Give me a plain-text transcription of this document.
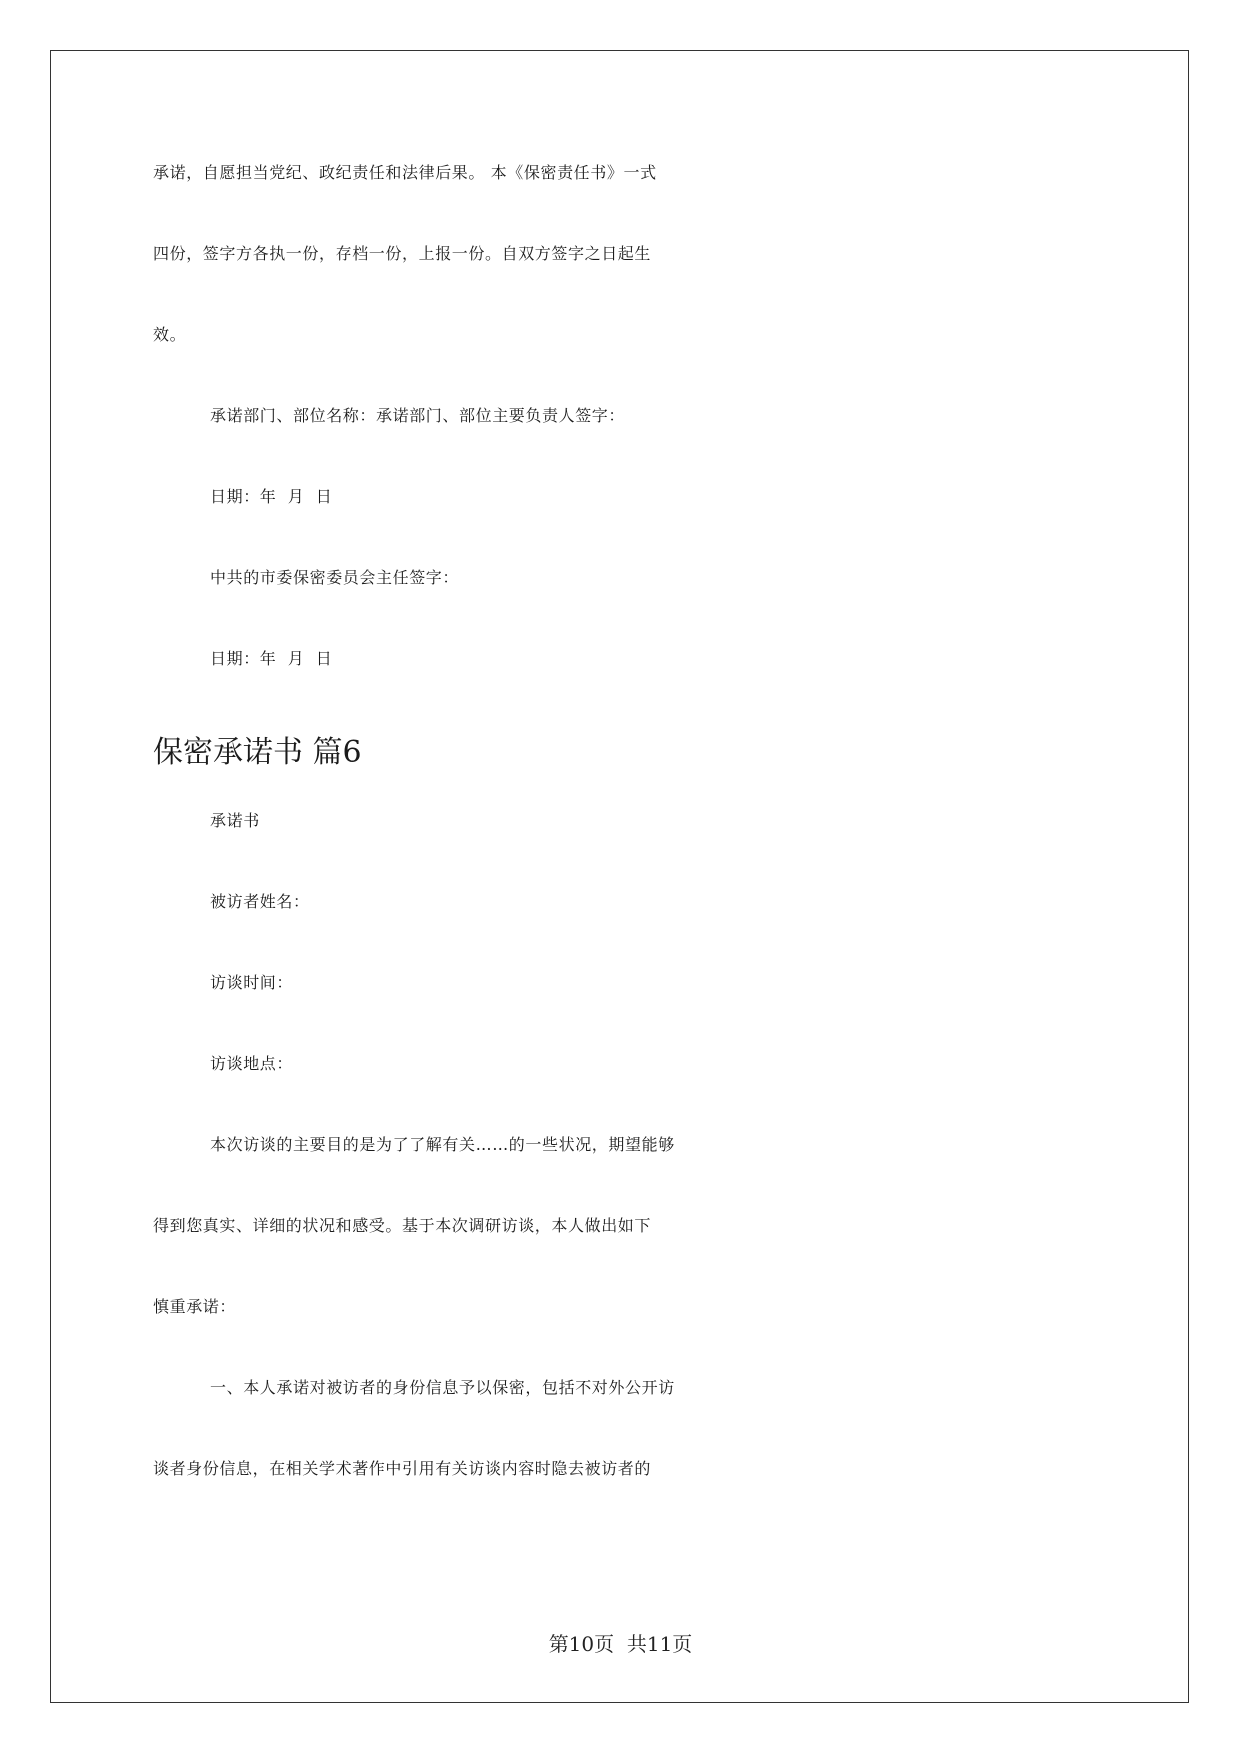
承诺，自愿担当党纪、政纪责任和法律后果。 本《保密责任书》一式
四份，签字方各执一份，存档一份，上报一份。自双方签字之日起生
效。
承诺部门、部位名称：承诺部门、部位主要负责人签字：
日期：年  月  日
中共的市委保密委员会主任签字：
日期：年  月  日
保密承诺书 篇6
承诺书
被访者姓名：
访谈时间：
访谈地点：
本次访谈的主要目的是为了了解有关……的一些状况，期望能够
得到您真实、详细的状况和感受。基于本次调研访谈，本人做出如下
慎重承诺：
一、本人承诺对被访者的身份信息予以保密，包括不对外公开访
谈者身份信息，在相关学术著作中引用有关访谈内容时隐去被访者的
第10页  共11页
